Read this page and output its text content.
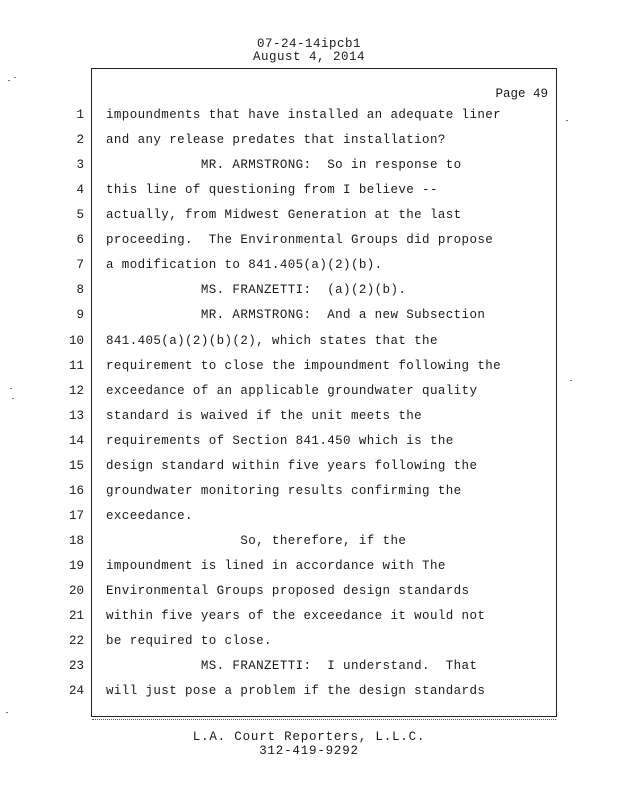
07-24-14ipcb1
August 4, 2014
Page 49
1 impoundments that have installed an adequate liner
2 and any release predates that installation?
3 MR. ARMSTRONG:  So in response to
4 this line of questioning from I believe --
5 actually, from Midwest Generation at the last
6 proceeding.  The Environmental Groups did propose
7 a modification to 841.405(a)(2)(b).
8 MS. FRANZETTI:  (a)(2)(b).
9 MR. ARMSTRONG:  And a new Subsection
10 841.405(a)(2)(b)(2), which states that the
11 requirement to close the impoundment following the
12 exceedance of an applicable groundwater quality
13 standard is waived if the unit meets the
14 requirements of Section 841.450 which is the
15 design standard within five years following the
16 groundwater monitoring results confirming the
17 exceedance.
18 So, therefore, if the
19 impoundment is lined in accordance with The
20 Environmental Groups proposed design standards
21 within five years of the exceedance it would not
22 be required to close.
23 MS. FRANZETTI:  I understand.  That
24 will just pose a problem if the design standards
L.A. Court Reporters, L.L.C.
312-419-9292
